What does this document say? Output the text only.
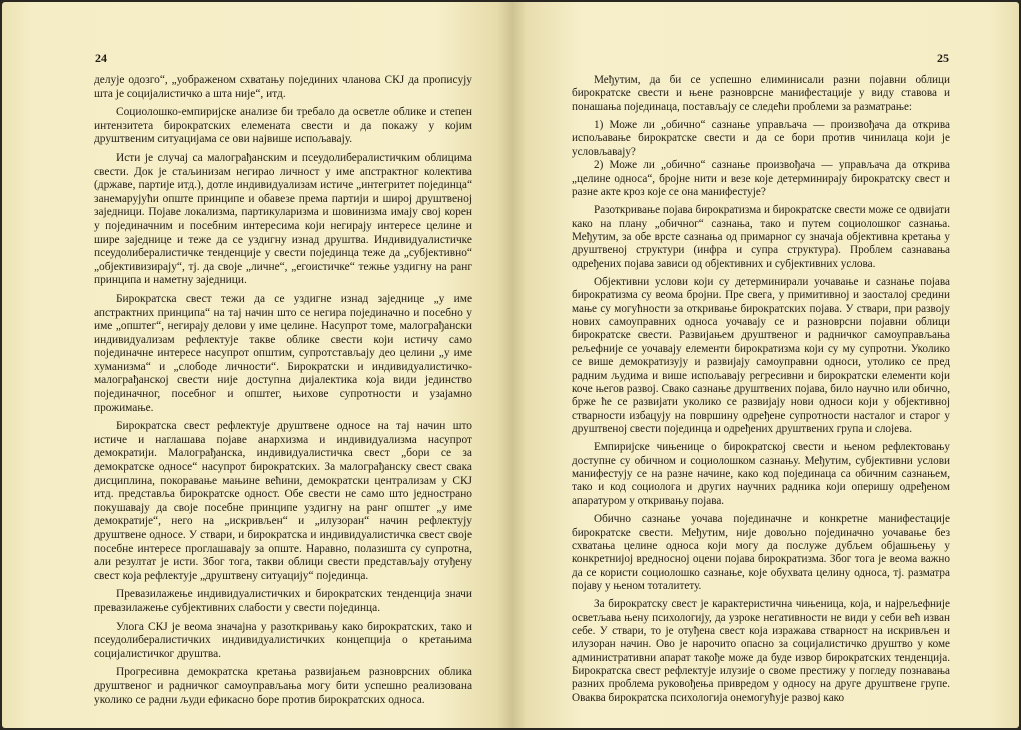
24

делује одозго“, „уображеном схватању појединих чланова СКЈ да прописују шта је социјалистичко а шта није“, итд.

Социолошко-емпиријске анализе би требало да осветле облике и степен интензитета бирократских елемената свести и да покажу у којим друштвеним ситуацијама се ови највише испољавају.

Исти је случај са малограђанским и псеудолибералистичким облицима свести. Док је стаљинизам негирао личност у име апстрактног колектива (државе, партије итд.), дотле индивидуализам истиче „интегритет појединца“ занемарујући опште принципе и обавезе према партији и широј друштвеној заједници. Појаве локализма, партикуларизма и шовинизма имају свој корен у појединачним и посебним интересима који негирају интересе целине и шире заједнице и теже да се уздигну изнад друштва. Индивидуалистичке псеудолибералистичке тенденције у свести појединца теже да „субјективно“ „објективизирају“, тј. да своје „личне“, „егоистичке“ тежње уздигну на ранг принципа и наметну заједници.

Бирократска свест тежи да се уздигне изнад заједнице „у име апстрактних принципа“ на тај начин што се негира појединачно и посебно у име „општег“, негирају делови у име целине. Насупрот томе, малограђански индивидуализам рефлектује такве облике свести који истичу само појединачне интересе насупрот општим, супротстављају део целини „у име хуманизма“ и „слободе личности“. Бирократски и индивидуалистичко-малограђанској свести није доступна дијалектика која види јединство појединачног, посебног и општег, њихове супротности и узајамно прожимање.

Бирократска свест рефлектује друштвене односе на тај начин што истиче и наглашава појаве анархизма и индивидуализма насупрот демократији. Малограђанска, индивидуалистичка свест „бори се за демократске односе“ насупрот бирократских. За малограђанску свест свака дисциплина, покоравање мањине већини, демократски централизам у СКЈ итд. представља бирократске одност. Обе свести не само што једнострано покушавају да своје посебне принципе уздигну на ранг општег „у име демократије“, него на „искривљен“ и „илузоран“ начин рефлектују друштвене односе. У ствари, и бирократска и индивидуалистичка свест своје посебне интересе проглашавају за опште. Наравно, полазишта су супротна, али резултат је исти. Због тога, такви облици свести представљају отуђену свест која рефлектује „друштвену ситуацију“ појединца.

Превазилажење индивидуалистичких и бирократских тенденција значи превазилажење субјективних слабости у свести појединца.

Улога СКЈ је веома значајна у разоткривању како бирократских, тако и псеудолибералистичких индивидуалистичких концепција о кретањима социјалистичког друштва.

Прогресивна демократска кретања развијањем разноврсних облика друштвеног и радничког самоуправљања могу бити успешно реализована уколико се радни људи ефикасно боре против бирократских односа.

25

Међутим, да би се успешно елиминисали разни појавни облици бирократске свести и њене разноврсне манифестације у виду ставова и понашања појединаца, постављају се следећи проблеми за разматрање:

1) Може ли „обично“ сазнање управљача — произвођача да открива испољавање бирократске свести и да се бори против чинилаца који је условљавају?

2) Може ли „обично“ сазнање произвођача — управљача да открива „целине односа“, бројне нити и везе које детерминирају бирократску свест и разне акте кроз које се она манифестује?

Разоткривање појава бирократизма и бирократске свести може се одвијати како на плану „обичног“ сазнања, тако и путем социолошког сазнања. Међутим, за обе врсте сазнања од примарног су значаја објективна кретања у друштвеној структури (инфра и супра структура). Проблем сазнавања одређених појава зависи од објективних и субјективних услова.

Објективни услови који су детерминирали уочавање и сазнање појава бирократизма су веома бројни. Пре свега, у примитивној и заосталој средини мање су могућности за откривање бирократских појава. У ствари, при развоју нових самоуправних односа уочавају се и разноврсни појавни облици бирократске свести. Развијањем друштвеног и радничког самоуправљања рељефније се уочавају елементи бирократизма који су му супротни. Уколико се више демократизују и развијају самоуправни односи, утолико се пред радним људима и више испољавају регресивни и бирократски елементи који коче његов развој. Свако сазнање друштвених појава, било научно или обично, брже ће се развијати уколико се развијају нови односи који у објективној стварности избацују на површину одређене супротности насталог и старог у друштвеној свести појединца и одређених друштвених група и слојева.

Емпиријске чињенице о бирократској свести и њеном рефлектовању доступне су обичном и социолошком сазнању. Међутим, субјективни услови манифестују се на разне начине, како код појединаца са обичним сазнањем, тако и код социолога и других научних радника који оперишу одређеном апаратуром у откривању појава.

Обично сазнање уочава појединачне и конкретне манифестације бирократске свести. Међутим, није довољно појединачно уочавање без схватања целине односа који могу да послуже дубљем објашњењу у конкретнијој вредносној оцени појава бирократизма. Због тога је веома важно да се користи социолошко сазнање, које обухвата целину односа, тј. разматра појаву у њеном тоталитету.

За бирократску свест је карактеристична чињеница, која, и најрељефније осветљава њену психологију, да узроке негативности не види у себи већ изван себе. У ствари, то је отуђена свест која изражава стварност на искривљен и илузоран начин. Ово је нарочито опасно за социјалистичко друштво у коме административни апарат такође може да буде извор бирократских тенденција. Бирократска свест рефлектује илузије о своме престижу у погледу познавања разних проблема руковођења привредом у односу на друге друштвене групе. Оваква бирократска психологија онемогућује развој како
